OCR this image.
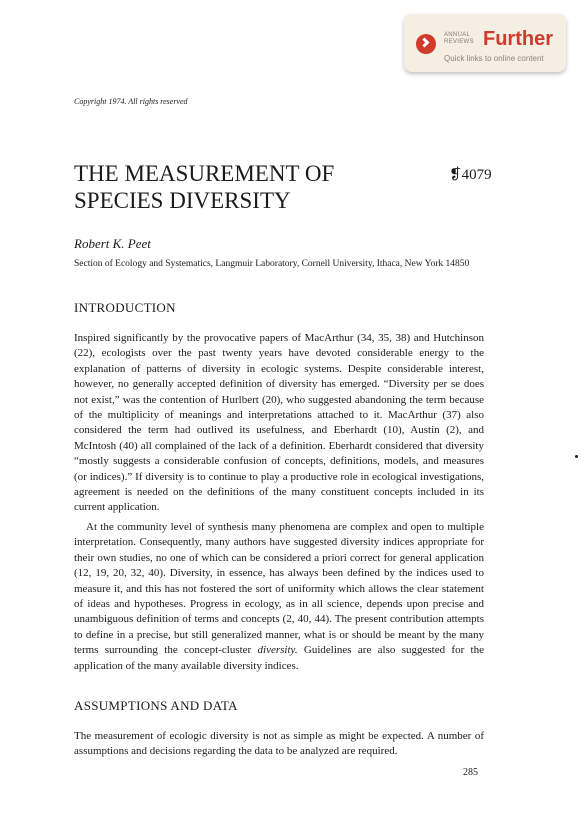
ANNUAL
REVIEWS Further
Quick links to online content
Copyright 1974. All rights reserved
THE MEASUREMENT OF
SPECIES DIVERSITY
❡4079
Robert K. Peet
Section of Ecology and Systematics, Langmuir Laboratory, Cornell University, Ithaca, New York 14850
INTRODUCTION

Inspired significantly by the provocative papers of MacArthur (34, 35, 38) and Hutchinson (22), ecologists over the past twenty years have devoted considerable energy to the explanation of patterns of diversity in ecologic systems. Despite considerable interest, however, no generally accepted definition of diversity has emerged. “Diversity per se does not exist,” was the contention of Hurlbert (20), who suggested abandoning the term because of the multiplicity of meanings and interpretations attached to it. MacArthur (37) also considered the term had outlived its usefulness, and Eberhardt (10), Austin (2), and McIntosh (40) all complained of the lack of a definition. Eberhardt considered that diversity “mostly suggests a considerable confusion of concepts, definitions, models, and measures (or indices).” If diversity is to continue to play a productive role in ecological investigations, agreement is needed on the definitions of the many constituent concepts included in its current application.

At the community level of synthesis many phenomena are complex and open to multiple interpretation. Consequently, many authors have suggested diversity indices appropriate for their own studies, no one of which can be considered a priori correct for general application (12, 19, 20, 32, 40). Diversity, in essence, has always been defined by the indices used to measure it, and this has not fostered the sort of uniformity which allows the clear statement of ideas and hypotheses. Progress in ecology, as in all science, depends upon precise and unambiguous definition of terms and concepts (2, 40, 44). The present contribution attempts to define in a precise, but still generalized manner, what is or should be meant by the many terms surrounding the concept-cluster diversity. Guidelines are also suggested for the application of the many available diversity indices.

ASSUMPTIONS AND DATA

The measurement of ecologic diversity is not as simple as might be expected. A number of assumptions and decisions regarding the data to be analyzed are required.

285
